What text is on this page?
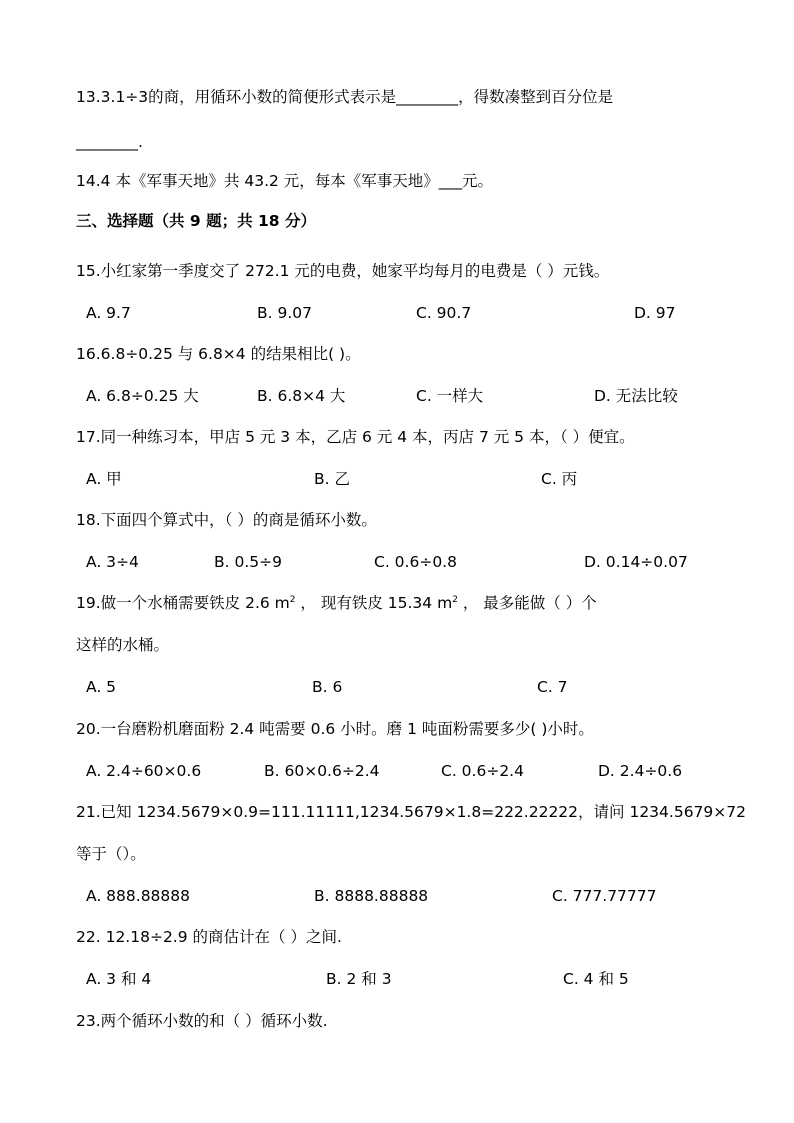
13.3.1÷3的商，用循环小数的简便形式表示是________，得数凑整到百分位是
________.
14.4 本《军事天地》共 43.2 元，每本《军事天地》___元。
三、选择题（共 9 题；共 18 分）
15.小红家第一季度交了 272.1 元的电费，她家平均每月的电费是（ ）元钱。
A. 9.7	B. 9.07	C. 90.7	D. 97
16.6.8÷0.25 与 6.8×4 的结果相比( )。
A. 6.8÷0.25 大	B. 6.8×4 大	C. 一样大	D. 无法比较
17.同一种练习本，甲店 5 元 3 本，乙店 6 元 4 本，丙店 7 元 5 本，（ ）便宜。
A. 甲	B. 乙	C. 丙
18.下面四个算式中，（ ）的商是循环小数。
A. 3÷4	B. 0.5÷9	C. 0.6÷0.8	D. 0.14÷0.07
19.做一个水桶需要铁皮 2.6 $m^2$ ， 现有铁皮 15.34 $m^2$ ， 最多能做（ ）个
这样的水桶。
A. 5	B. 6	C. 7
20.一台磨粉机磨面粉 2.4 吨需要 0.6 小时。磨 1 吨面粉需要多少( )小时。
A. 2.4÷60×0.6	B. 60×0.6÷2.4	C. 0.6÷2.4	D. 2.4÷0.6
21.已知 1234.5679×0.9=111.11111,1234.5679×1.8=222.22222，请问 1234.5679×72
等于（）。
A. 888.88888	B. 8888.88888	C. 777.77777
22. 12.18÷2.9 的商估计在（ ）之间.
A. 3 和 4	B. 2 和 3	C. 4 和 5
23.两个循环小数的和（ ）循环小数.
